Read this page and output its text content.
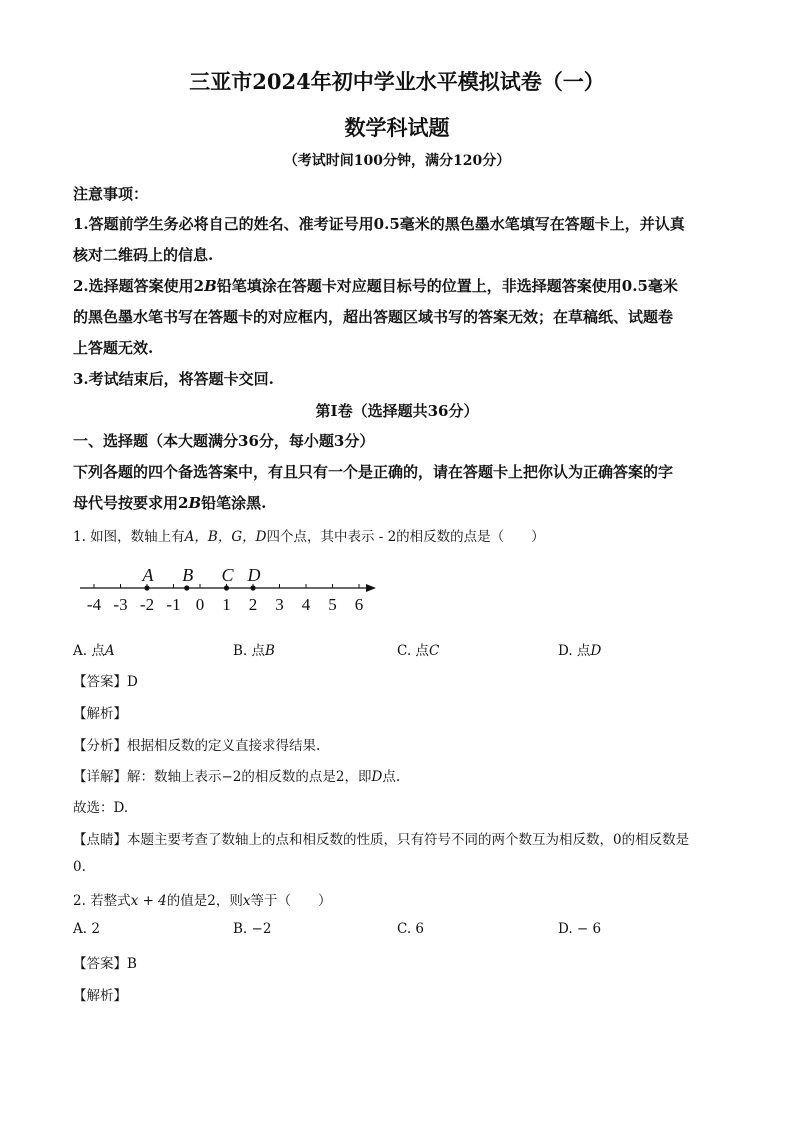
三亚市2024年初中学业水平模拟试卷（一）
数学科试题
（考试时间100分钟，满分120分）
注意事项：
1.答题前学生务必将自己的姓名、准考证号用0.5毫米的黑色墨水笔填写在答题卡上，并认真
核对二维码上的信息.
2.选择题答案使用2B铅笔填涂在答题卡对应题目标号的位置上，非选择题答案使用0.5毫米
的黑色墨水笔书写在答题卡的对应框内，超出答题区域书写的答案无效；在草稿纸、试题卷
上答题无效.
3.考试结束后，将答题卡交回.
第Ⅰ卷（选择题共36分）
一、选择题（本大题满分36分，每小题3分）
下列各题的四个备选答案中，有且只有一个是正确的，请在答题卡上把你认为正确答案的字
母代号按要求用2B铅笔涂黑.
1. 如图，数轴上有A，B，G，D四个点，其中表示 - 2的相反数的点是（　　）
-4 -3 -2 -1 0 1 2 3 4 5 6
A B C D
A. 点A	B. 点B	C. 点C	D. 点D
【答案】D
【解析】
【分析】根据相反数的定义直接求得结果.
【详解】解：数轴上表示−2的相反数的点是2，即D点.
故选：D.
【点睛】本题主要考查了数轴上的点和相反数的性质，只有符号不同的两个数互为相反数，0的相反数是
0.
2. 若整式x + 4的值是2，则x等于（　　）
A. 2	B. −2	C. 6	D. − 6
【答案】B
【解析】
